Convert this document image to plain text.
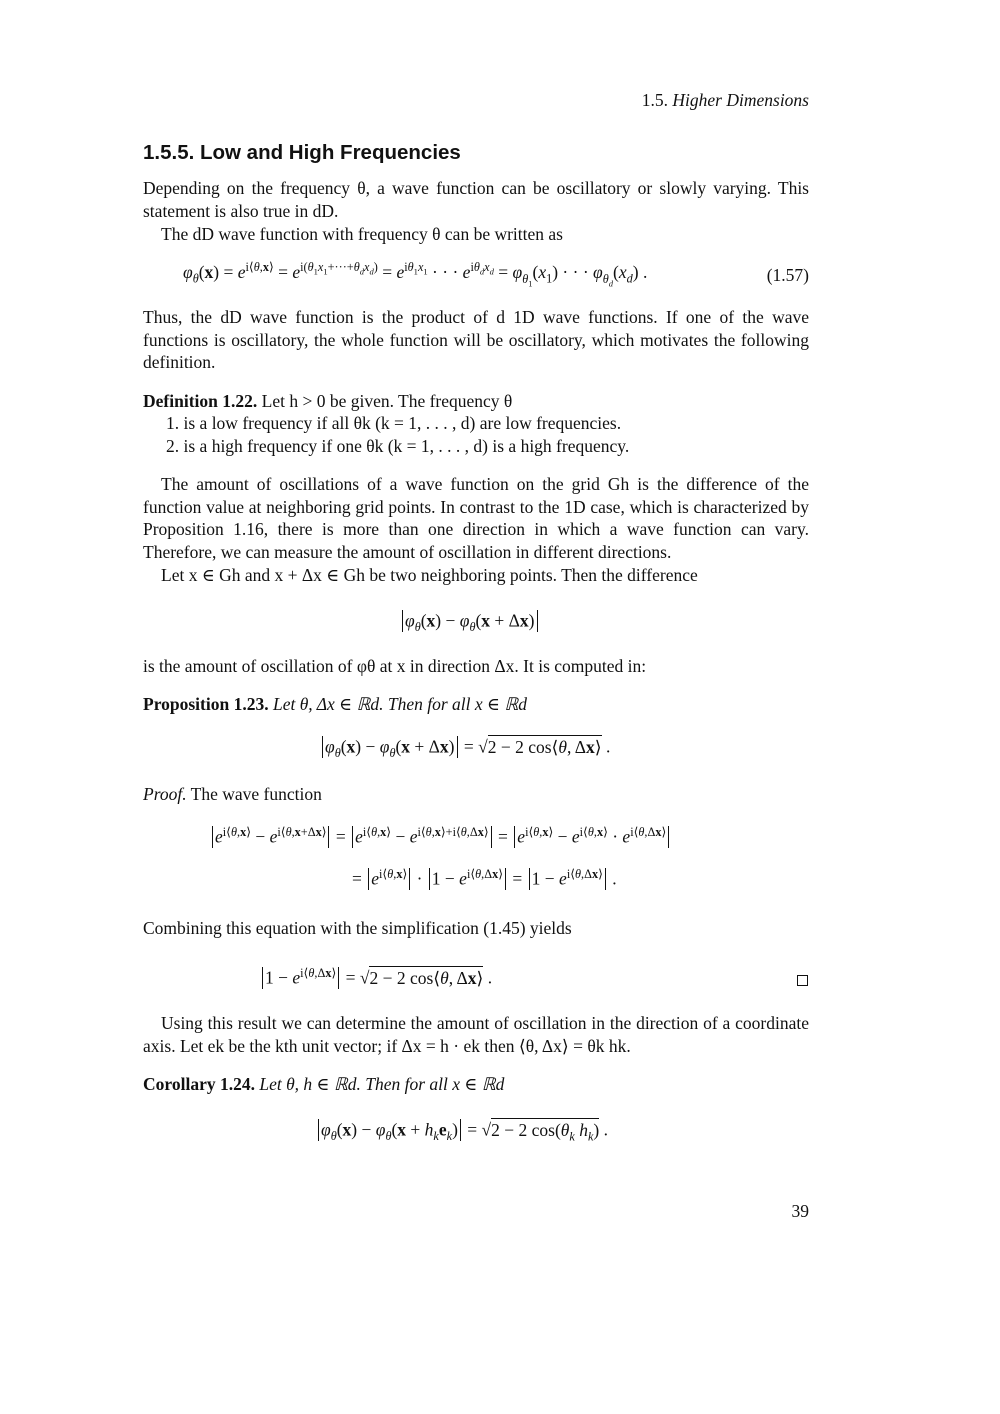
1.5. Higher Dimensions
1.5.5. Low and High Frequencies
Depending on the frequency θ, a wave function can be oscillatory or slowly varying. This statement is also true in dD.
The dD wave function with frequency θ can be written as
$\varphi_\theta(x) = e^{i⟨\theta,x⟩} = e^{i(\theta_1x_1+\cdot\cdot\cdot+\theta_dx_d)} = e^{i\theta_1x_1}$ · · · $e^{i\theta_dx_d} = \varphi_{\theta_1}(x_1)$ · · · $\varphi_{\theta_d}(x_d)$ .	(1.57)
Thus, the dD wave function is the product of d 1D wave functions. If one of the wave functions is oscillatory, the whole function will be oscillatory, which motivates the following definition.
Definition 1.22. Let h > 0 be given. The frequency θ
1. is a low frequency if all θk (k = 1, . . . , d) are low frequencies.
2. is a high frequency if one θk (k = 1, . . . , d) is a high frequency.
The amount of oscillations of a wave function on the grid Gh is the difference of the function value at neighboring grid points. In contrast to the 1D case, which is characterized by Proposition 1.16, there is more than one direction in which a wave function can vary. Therefore, we can measure the amount of oscillation in different directions.
Let x ∈ Gh and x + Δx ∈ Gh be two neighboring points. Then the difference
$\varphi_\theta(x) - \varphi_\theta(x + \Delta x)$
is the amount of oscillation of φθ at x in direction Δx. It is computed in:
Proposition 1.23. Let θ, Δx ∈ ℝd. Then for all x ∈ ℝd
$\varphi_\theta(x) - \varphi_\theta(x + \Delta x) = √2 - 2$ cos⟨θ, Δx⟩ .
Proof. The wave function
$e^{i⟨\theta,x⟩} - e^{i⟨\theta,x+\Delta x⟩} = e^{i⟨\theta,x⟩} - e^{i⟨\theta,x⟩+i⟨\theta,\Delta x⟩} = e^{i⟨\theta,x⟩} - e^{i⟨\theta,x⟩} \cdot e^{i⟨\theta,\Delta x⟩}$
= $e^{i⟨\theta,x⟩} \cdot 1 - e^{i⟨\theta,\Delta x⟩} = 1 - e^{i⟨\theta,\Delta x⟩}$ .
Combining this equation with the simplification (1.45) yields
$1 - e^{i⟨\theta,\Delta x⟩} = √2 - 2$ cos⟨θ, Δx⟩ .
Using this result we can determine the amount of oscillation in the direction of a coordinate axis. Let ek be the kth unit vector; if Δx = h · ek then ⟨θ, Δx⟩ = θk hk.
Corollary 1.24. Let θ, h ∈ ℝd. Then for all x ∈ ℝd
$\varphi_\theta(x) - \varphi_\theta(x + h_ke_k) = √2 - 2$ $\cos(\theta_k$ $h_k$) .
39
